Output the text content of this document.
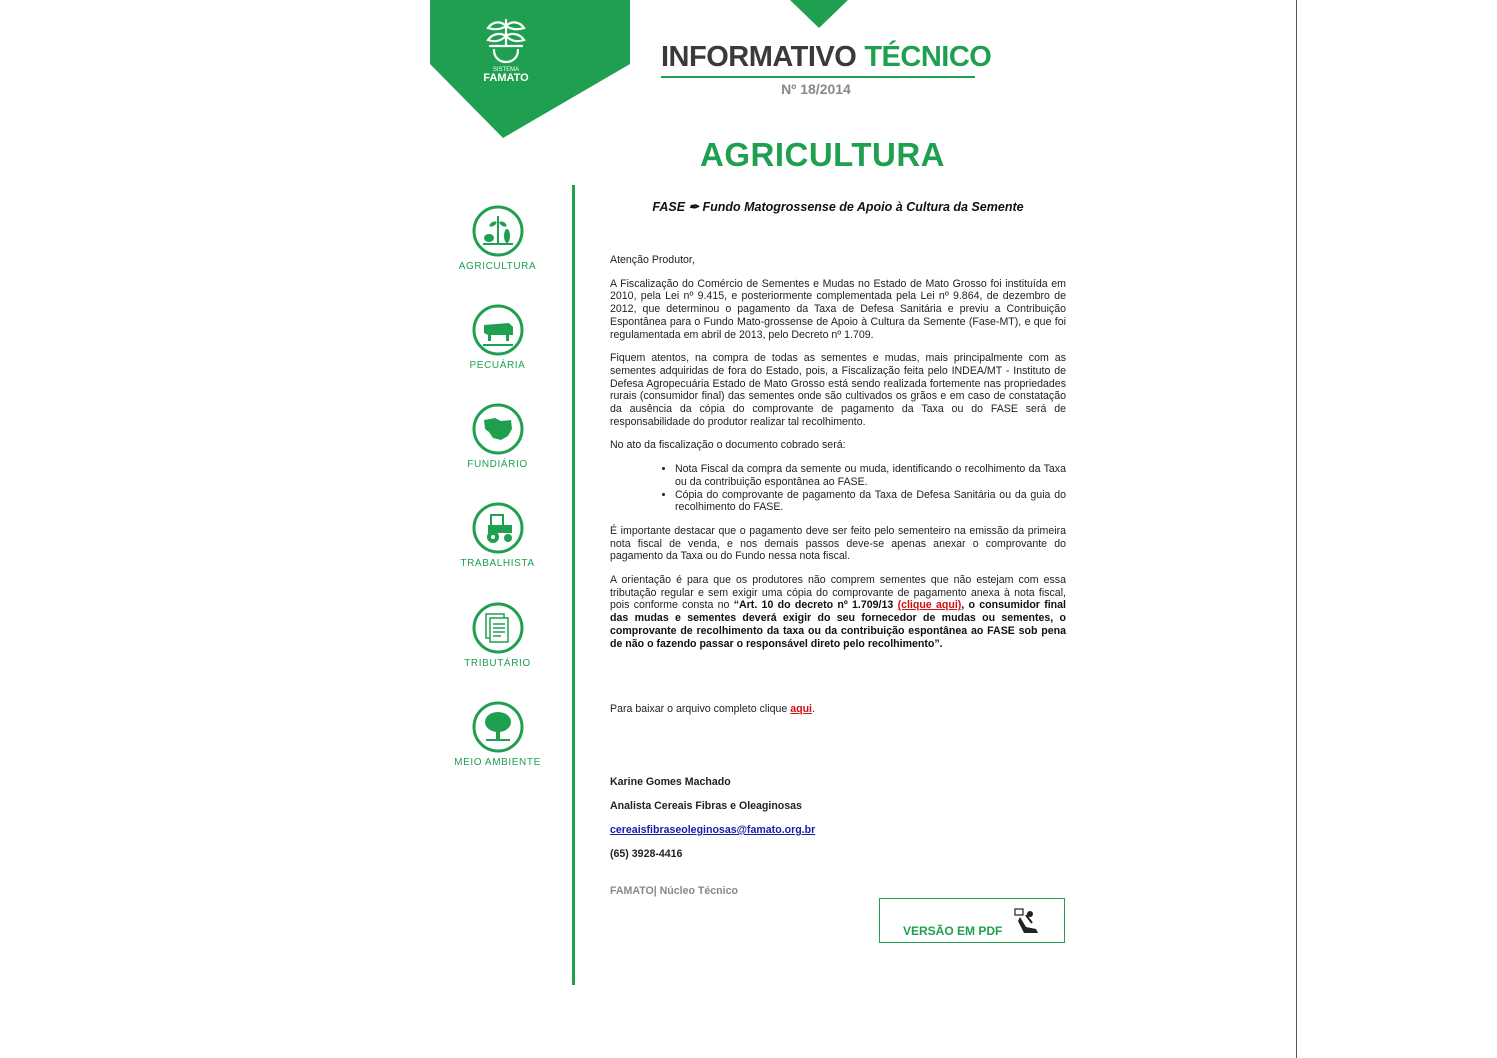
SISTEMA
FAMATO
INFORMATIVO TÉCNICO
Nº 18/2014
AGRICULTURA
AGRICULTURA
PECUÁRIA
FUNDIÁRIO
TRABALHISTA
TRIBUTÁRIO
MEIO AMBIENTE
FASE ✒ Fundo Matogrossense de Apoio à Cultura da Semente

Atenção Produtor,

A Fiscalização do Comércio de Sementes e Mudas no Estado de Mato Grosso foi instituída em 2010, pela Lei nº 9.415, e posteriormente complementada pela Lei nº 9.864, de dezembro de 2012, que determinou o pagamento da Taxa de Defesa Sanitária e previu a Contribuição Espontânea para o Fundo Mato-grossense de Apoio à Cultura da Semente (Fase-MT), e que foi regulamentada em abril de 2013, pelo Decreto nº 1.709.

Fiquem atentos, na compra de todas as sementes e mudas, mais principalmente com as sementes adquiridas de fora do Estado, pois, a Fiscalização feita pelo INDEA/MT - Instituto de Defesa Agropecuária Estado de Mato Grosso está sendo realizada fortemente nas propriedades rurais (consumidor final) das sementes onde são cultivados os grãos e em caso de constatação da ausência da cópia do comprovante de pagamento da Taxa ou do FASE será de responsabilidade do produtor realizar tal recolhimento.

No ato da fiscalização o documento cobrado será:

• Nota Fiscal da compra da semente ou muda, identificando o recolhimento da Taxa ou da contribuição espontânea ao FASE.
• Cópia do comprovante de pagamento da Taxa de Defesa Sanitária ou da guia do recolhimento do FASE.

É importante destacar que o pagamento deve ser feito pelo sementeiro na emissão da primeira nota fiscal de venda, e nos demais passos deve-se apenas anexar o comprovante do pagamento da Taxa ou do Fundo nessa nota fiscal.

A orientação é para que os produtores não comprem sementes que não estejam com essa tributação regular e sem exigir uma cópia do comprovante de pagamento anexa à nota fiscal, pois conforme consta no “Art. 10 do decreto nº 1.709/13 (clique aqui), o consumidor final das mudas e sementes deverá exigir do seu fornecedor de mudas ou sementes, o comprovante de recolhimento da taxa ou da contribuição espontânea ao FASE sob pena de não o fazendo passar o responsável direto pelo recolhimento”.

Para baixar o arquivo completo clique aqui.
Karine Gomes Machado
Analista Cereais Fibras e Oleaginosas
cereaisfibraseoleginosas@famato.org.br
(65) 3928-4416
FAMATO| Núcleo Técnico
VERSÃO EM PDF
